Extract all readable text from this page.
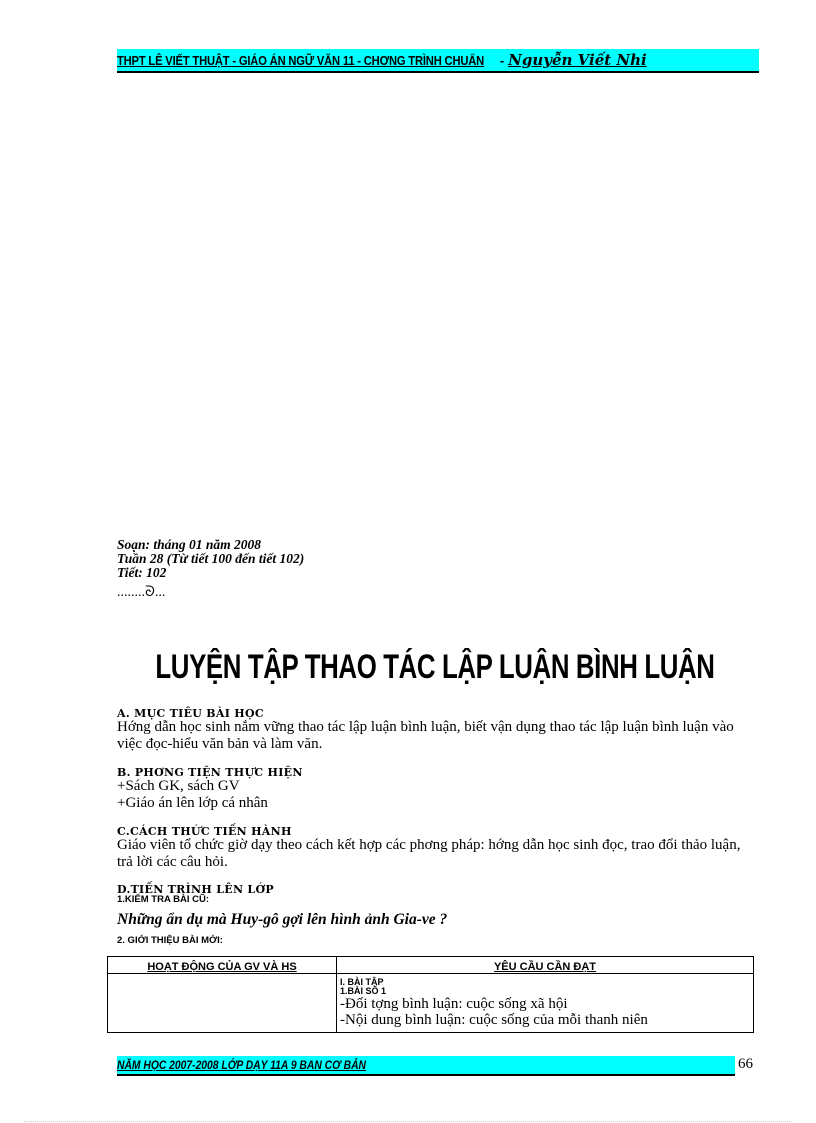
THPT LÊ VIẾT THUẬT - GIÁO ÁN NGỮ VĂN 11 - CHƠNG TRÌNH CHUẨN - Nguyễn Viết Nhi
Soạn: tháng 01 năm 2008
Tuần 28 (Từ tiết 100 đến tiết 102)
Tiết: 102
........ᘐ...
LUYỆN TẬP THAO TÁC LẬP LUẬN BÌNH LUẬN
A. MỤC TIÊU BÀI HỌC
Hớng dẫn học sinh nắm vững thao tác lập luận bình luận, biết vận dụng thao tác lập luận bình luận vào việc đọc-hiểu văn bản và làm văn.
B. PHƠNG TIỆN THỰC HIỆN
+Sách GK, sách GV
+Giáo án lên lớp cá nhân
C.CÁCH THỨC TIẾN HÀNH
Giáo viên tổ chức giờ dạy theo cách kết hợp các phơng pháp: hớng dẫn học sinh đọc, trao đổi thảo luận, trả lời các câu hỏi.
D.TIẾN TRÌNH LÊN LỚP
1.KIỂM TRA BÀI CŨ:
Những ẩn dụ mà Huy-gô gợi lên hình ảnh Gia-ve ?
2. GIỚI THIỆU BÀI MỚI:
HOẠT ĐỘNG CỦA GV VÀ HS	YÊU CẦU CẦN ĐẠT

	I. BÀI TẬP
1.BÀI SỐ 1
-Đối tợng bình luận: cuộc sống xã hội
-Nội dung bình luận: cuộc sống của mỗi thanh niên
NĂM HỌC 2007-2008 LỚP DẠY 11A 9 BAN CƠ BẢN	66
